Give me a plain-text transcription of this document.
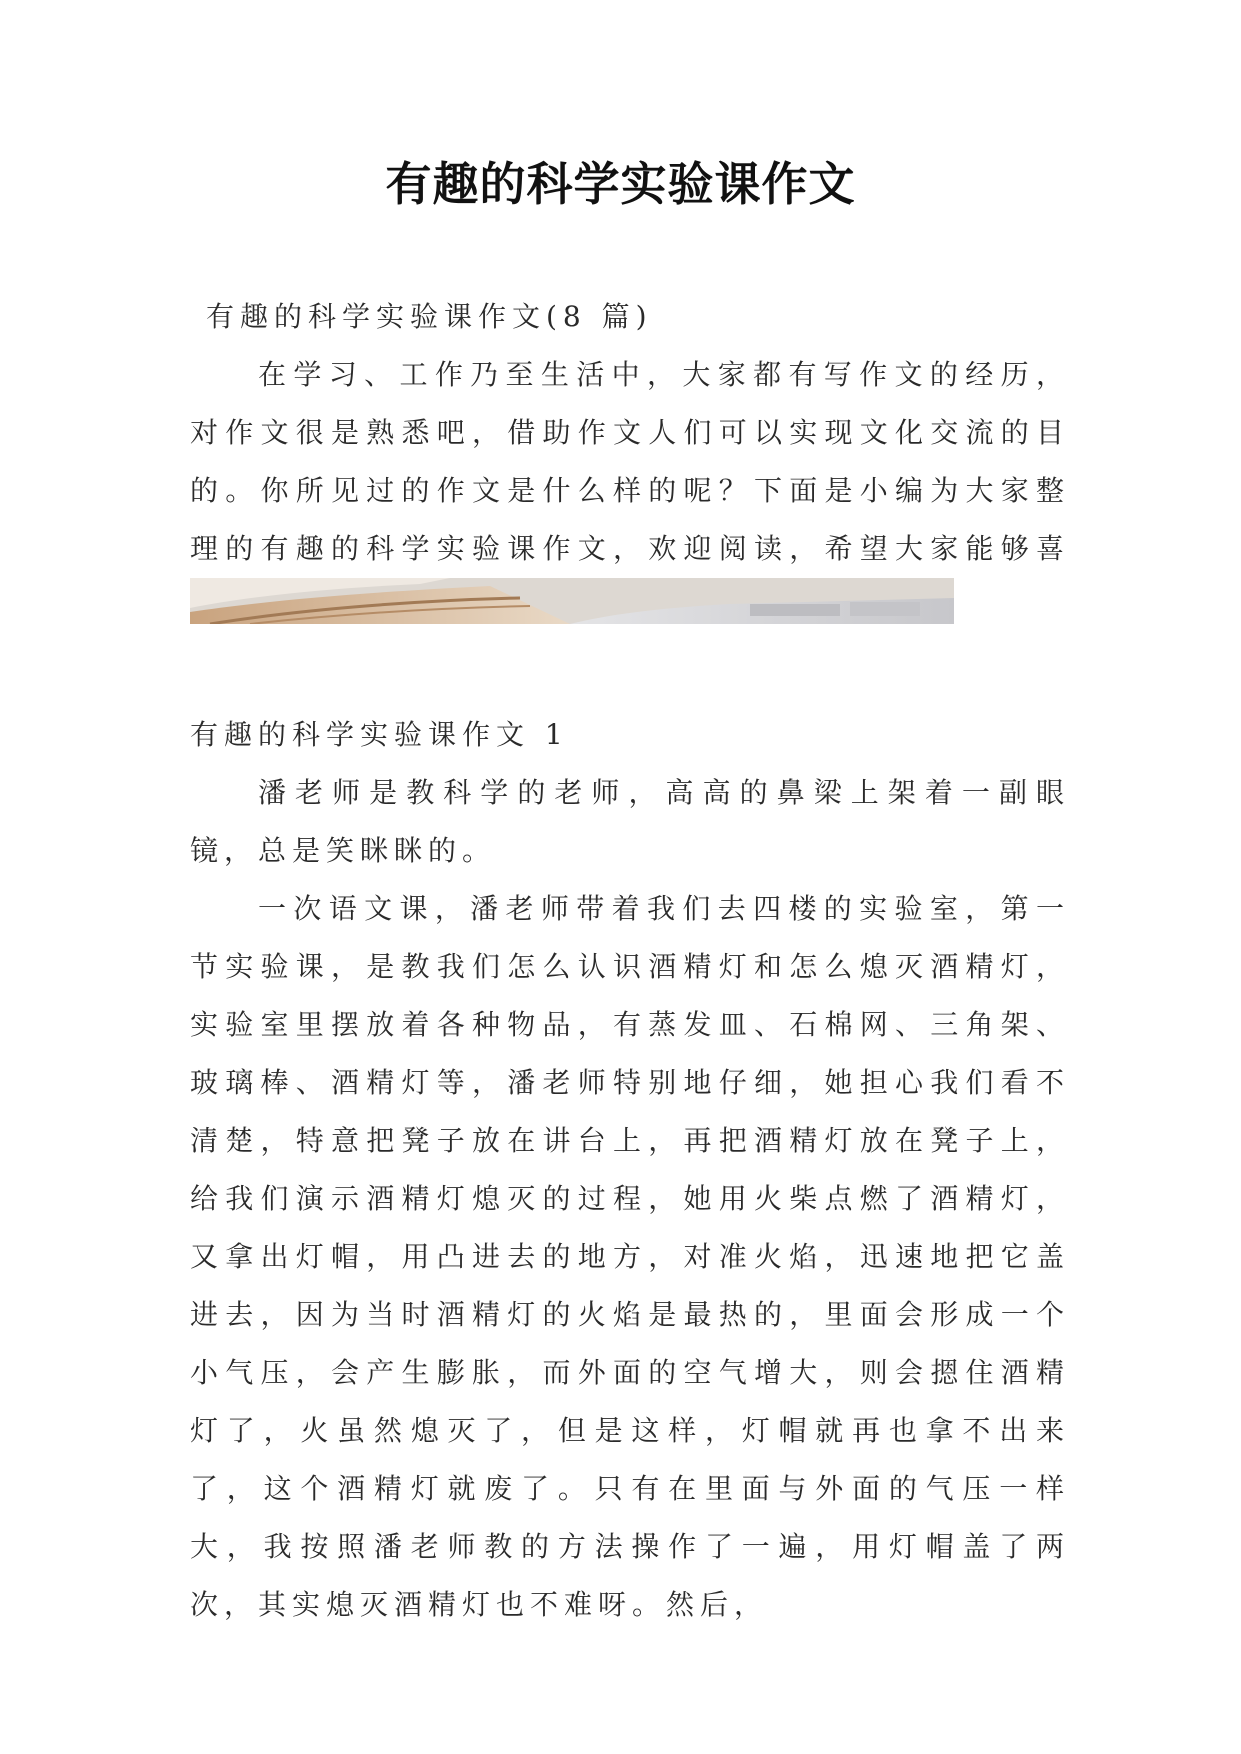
有趣的科学实验课作文
有趣的科学实验课作文(8 篇)
在学习、工作乃至生活中，大家都有写作文的经历，对作文很是熟悉吧，借助作文人们可以实现文化交流的目的。你所见过的作文是什么样的呢？下面是小编为大家整理的有趣的科学实验课作文，欢迎阅读，希望大家能够喜
有趣的科学实验课作文 1

潘老师是教科学的老师，高高的鼻梁上架着一副眼镜，总是笑眯眯的。

一次语文课，潘老师带着我们去四楼的实验室，第一节实验课，是教我们怎么认识酒精灯和怎么熄灭酒精灯，实验室里摆放着各种物品，有蒸发皿、石棉网、三角架、玻璃棒、酒精灯等，潘老师特别地仔细，她担心我们看不清楚，特意把凳子放在讲台上，再把酒精灯放在凳子上，给我们演示酒精灯熄灭的过程，她用火柴点燃了酒精灯，又拿出灯帽，用凸进去的地方，对准火焰，迅速地把它盖进去，因为当时酒精灯的火焰是最热的，里面会形成一个小气压，会产生膨胀，而外面的空气增大，则会摁住酒精灯了，火虽然熄灭了，但是这样，灯帽就再也拿不出来了，这个酒精灯就废了。只有在里面与外面的气压一样大，我按照潘老师教的方法操作了一遍，用灯帽盖了两次，其实熄灭酒精灯也不难呀。然后，
